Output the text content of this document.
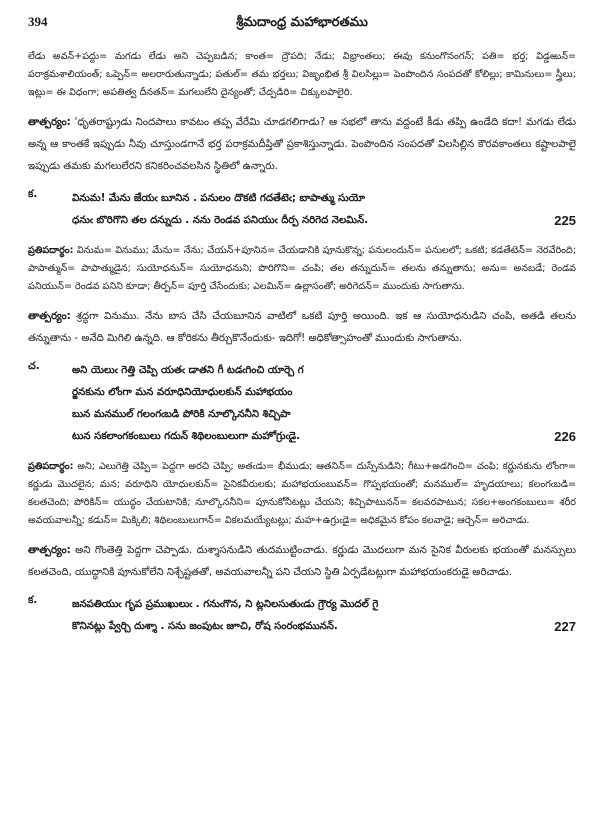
394	శ్రీమదాంధ్ర మహాభారతము

లేడు అవన్+పద్దు= మగడు లేడు అని చెప్పబడిన; కాంత= ద్రౌపది; నేడు; విభ్రాంతలు; ఈవు కనుంగొనంగన్; పతి= భర్త; విడ్డఱున్= పరాక్రమశాలియంత్; ఒప్పెన్= అలరారుతున్నాడు; పతుల్= తమ భర్తలు; విజృంభిత శ్రీ విలసిల్లు= పెంపొందిన సంపదతో కోలిల్లు; కామినులు= స్త్రీలు; ఇట్లు= ఈ విధంగా; అపతిత్వ దీనతన్= మగలులేని దైన్యంతో; చేద్పడిరి= చిక్కులపాలైరి.

తాత్పర్యం: 'ధృతరాష్ట్రుడు నిందపాలు కావటం తప్ప వేరేమి చూడగలిగాడు? ఆ సభలో తాను వద్దంటే కీడు తప్పి ఉండేది కదా! మగడు లేడు అన్న ఆ కాంతకే ఇప్పుడు నీవు చూస్తుండగానే భర్త పరాక్రమదీప్తితో ప్రకాశిస్తున్నాడు. పెంపొందిన సంపదతో విలసిల్లిన కౌరవకాంతలు కష్టాలపాలై ఇప్పుడు తమకు మగలులేరని కనికరించవలసిన స్థితిలో ఉన్నారు.

క.	వినుమ! మేను జేయఁ బూనిన . పనులం దొకటి గదతేటెఁ; బాపాత్ము సుయో
ధనుఁ బొరిగొని తల దన్నుదు . నను రెండవ పనియుఁ దీర్ప నరిగెద నెలమిన్.	225

ప్రతిపదార్థం: వినుమ= వినుము; మేను= నేను; చేయన్+పూనిన= చేయడానికి పూనుకొన్న; పనులందున్= పనులలో; ఒకటి; కడతేటెన్= నెరవేరింది; పాపాత్మున్= పాపాత్ముడైన; సుయోధనున్= సుయోధనుని; పొరిగొని= చంపి; తల తన్నుదున్= తలను తన్నుతాను; అను= అనబడే; రెండవ పనియున్= రెండవ పనిని కూడా; తీర్పన్= పూర్తి చేసేందుకు; ఎలమిన్= ఉల్లాసంతో; అరిగెదన్= ముందుకు సాగుతాను.

తాత్పర్యం: శ్రద్ధగా వినుము. నేను బాస చేసి చేయబూనిన వాటిలో ఒకటి పూర్తి అయింది. ఇక ఆ సుయోధనుడిని చంపి, అతడి తలను తన్నుతాను - అనేది మిగిలి ఉన్నది. ఆ కోరికను తీర్చుకొనేందుకు- ఇదిగో! అధికోత్సాహంతో ముందుకు సాగుతాను.

చ.	అని యెలుఁ గెత్తి చెప్పి యతఁ డాతని గీ టడఁగించి యార్చె గ
ర్జనకును లోంగా మన వరూధినియోధులకున్ మహాభయం
బున మనముల్ గలంగఁబడి పోరికి నూల్కొననీని శిచ్చిపా
టున సకలాంగకంబులు గదున్ శిథిలంబులుగా మహోగ్రుఁడై.	226

ప్రతిపదార్థం: అని; ఎలుగెత్తి చెప్పి= పెద్దగా అరచి చెప్పి; అతఁడు= భీముడు; ఆతనిన్= దుస్సేనుడిని; గీటు+అడగించి= చంపి; కర్ణునకును లోంగా= కర్ణుడు మొదలైన; మన; వరూధిని యోధులకున్= సైనికవీరులకు; మహాభయంబువన్= గొప్పభయంతో; మనముల్= హృదయాలు; కలంగఁబడి= కలతచెంది; పోరికిన్= యుద్ధం చేయటానికి; నూల్కొననీని= పూనుకోనీటట్లు చేయని; శిచ్చిపాటునన్= కలవరపాటున; సకల+అంగకంబులు= శరీర అవయవాలన్నీ; కడున్= మిక్కిలి; శిథిలంబులుగాన్= వికలమయ్యేటట్లు; మహ+ఉగ్రుఁడై= అధికమైన కోపం కలవాడై; ఆర్చెన్= అరిచాడు.

తాత్పర్యం: అని గొంతెత్తి పెద్దగా చెప్పాడు. దుశ్శాసనుడిని తుదముట్టించాడు. కర్ణుడు మొదలుగా మన సైనిక వీరులకు భయంతో మనస్సులు కలతచెంది, యుద్ధానికి పూనుకోలేని నిశ్చేష్టతతో, అవయవాలన్నీ పని చేయని స్థితి ఏర్పడేటట్లుగా మహాభయంకరుడై అరిచాడు.

క.	జనపతియుఁ గృప ప్రముఖులుఁ . గనుఁగొన, ని ట్లనిలసుతుఁడు గ్రౌర్య మొదల్ గై
కొనినట్లు ప్వేర్చి దుశ్శా . సను జంపుటఁ జూచి, రోష సంరంభమునన్.	227
